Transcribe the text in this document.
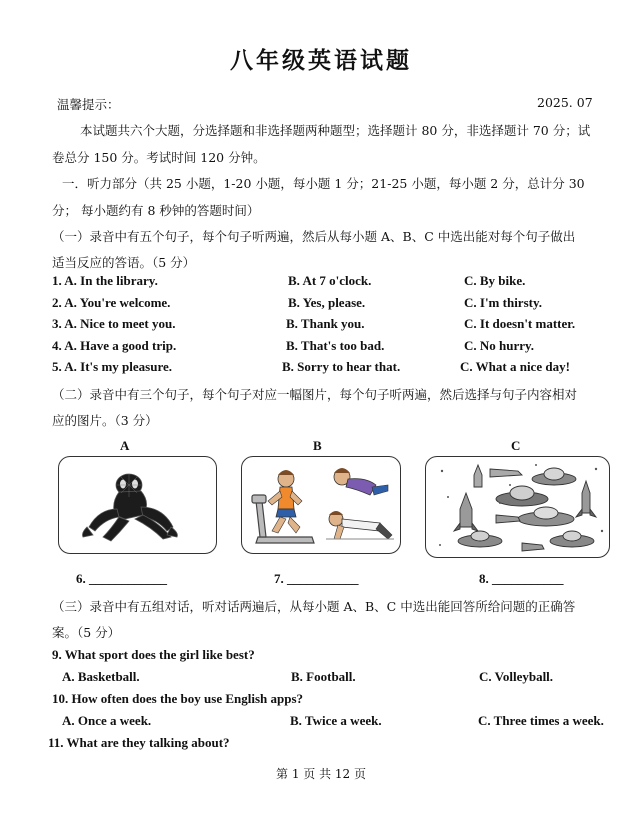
八年级英语试题
温馨提示：	2025. 07
本试题共六个大题，分选择题和非选择题两种题型；选择题计 80 分，非选择题计 70 分；试
卷总分 150 分。考试时间 120 分钟。
一．听力部分（共 25 小题，1-20 小题，每小题 1 分；21-25 小题，每小题 2 分，总计分 30
分； 每小题约有 8 秒钟的答题时间）
（一）录音中有五个句子，每个句子听两遍，然后从每小题 A、B、C 中选出能对每个句子做出
适当反应的答语。（5 分）
1. A. In the library.	B. At 7 o'clock.	C. By bike.
2. A. You're welcome.	B. Yes, please.	C. I'm thirsty.
3. A. Nice to meet you.	B. Thank you.	C. It doesn't matter.
4. A. Have a good trip.	B. That's too bad.	C. No hurry.
5. A. It's my pleasure.	B. Sorry to hear that.	C. What a nice day!
（二）录音中有三个句子，每个句子对应一幅图片，每个句子听两遍，然后选择与句子内容相对
应的图片。（3 分）
A	B	C
6. ____________	7. ___________	8. ___________
（三）录音中有五组对话，听对话两遍后，从每小题 A、B、C 中选出能回答所给问题的正确答
案。（5 分）
9. What sport does the girl like best?
A. Basketball.	B. Football.	C. Volleyball.
10. How often does the boy use English apps?
A. Once a week.	B. Twice a week.	C. Three times a week.
11. What are they talking about?
第 1 页 共 12 页
